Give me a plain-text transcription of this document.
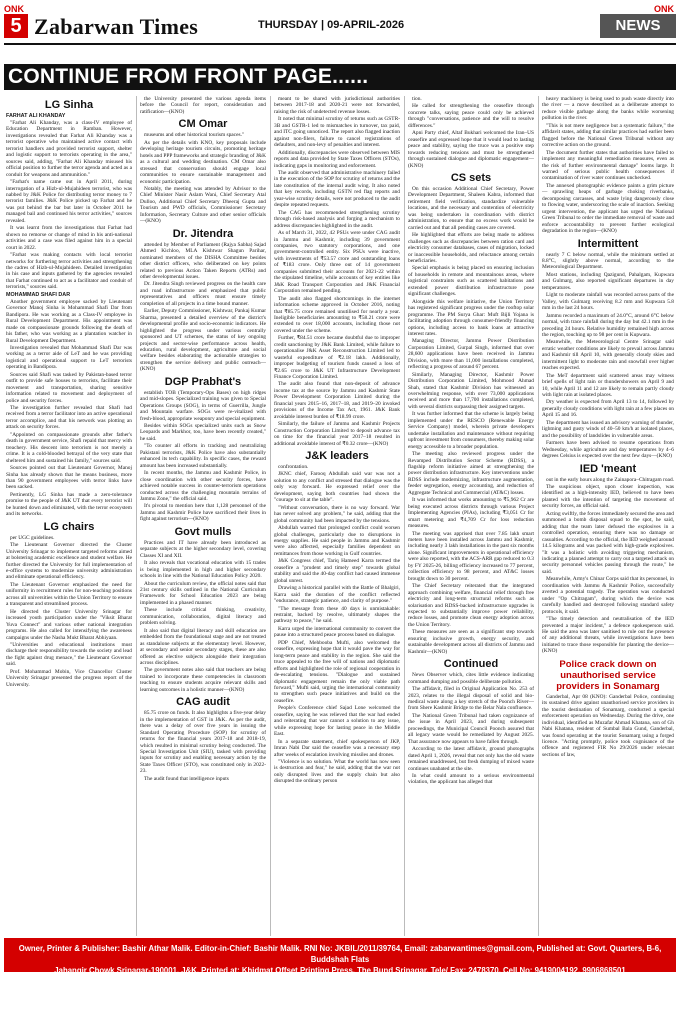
ONK
5 Zabarwan Times	THURSDAY | 09-APRIL-2026
ONK
NEWS
CONTINUE FROM FRONT PAGE......
LG Sinha

FARHAT ALI KHANDAY

"Farhat Ali Khanday, was a class-IV employee of Education Department in Ramban. However, investigations revealed that Farhat Ali Khanday was a terrorist operative who maintained active contact with terrorist handlers and provided terrorist support, shelter and logistic support to terrorists operating in the area," sources said, adding, "Farhat Ali Khanday misused his official position to further the terror agenda and acted as a conduit for weapons and ammunition."

"Farhat's name came out in April 2011, during interrogation of a Hizb-ul-Mujahideen terrorist, who was nabbed by J&K Police for distributing terror money to 7 terrorist families. J&K Police picked up Farhat and he was put behind the bar but later in October 2011 he managed bail and continued his terror activities," sources revealed.

It was learnt from the investigations that Farhat had shown no remorse or change of mind in his anti-national activities and a case was filed against him in a special court in 2022.

"Farhat was making contacts with local terrorist networks for furthering terror activities and strengthening the cadres of Hizb-ul-Mujahideen. Detailed investigation in his case and inputs gathered by the agencies revealed that Farhat continued to act as a facilitator and conduit of terrorists," sources said.

MOHAMMAD SHAFI DAR

Another government employee sacked by Lieutenant Governor Manoj Sinha is Mohammad Shafi Dar from Bandipora. He was working as a Class-IV employee in Rural Development Department. His appointment was made on compassionate grounds following the death of his father, who was working as a plantation watcher in Rural Development Department.

Investigation revealed that Mohammad Shafi Dar was working as a terror aide of LeT and he was providing logistical and operational support to LeT terrorists operating in Bandipora.

Sources said Shafi was tasked by Pakistan-based terror outfit to provide safe houses to terrorists, facilitate their movement and transportation, sharing sensitive information related to movement and deployment of police and security forces.

The investigation further revealed that Shafi had received from a terror facilitator into an active operational terror accomplice, and that his network was plotting an attack on security forces.

"Appointed on compassionate grounds after father's death in government service, Shafi repaid that mercy with treachery. His descent into terrorism is not merely a crime. It is a cold-blooded betrayal of the very state that sheltered him and sustained his family," sources said.

Sources pointed out that Lieutenant Governor, Manoj Sinha has already shown that he means business, more than 90 government employees with terror links have been sacked.

Pertinently, LG Sinha has made a zero-tolerance promise to the people of J&K UT that every terrorist will be hunted down and eliminated, with the terror ecosystem and its networks.

LG chairs

per UGC guidelines.

The Lieutenant Governor directed the Cluster University Srinagar to implement targeted reforms aimed at bolstering academic excellence and student welfare. He further directed the University for full implementation of e-office systems to modernize university administration and eliminate operational efficiency.

The Lieutenant Governor emphasized the need for uniformity in recruitment rules for non-teaching positions across all universities within the Union Territory to ensure a transparent and streamlined process.

He directed the Cluster University Srinagar for increased youth participation under the "Viksit Bharat Yuva Connect" and various other national integration programs. He also called for intensifying the awareness campaigns under the Nasha Mukt Bharat Abhiyaan.

"Universities and educational institutions must discharge their responsibility towards the society and lead the fight against drug menace," the Lieutenant Governor said.

Prof. Mohammad Mobin, Vice Chancellor Cluster University Srinagar presented the progress report of the University.

the University presented the various agenda items before the Council for report, consideration and ratification—(KNO)

CM Omar

museums and other historical tourism spaces."

As per the details with KNO, key proposals include developing heritage tourism circuits, promoting heritage hotels and PPP frameworks and strategic branding of J&K as a cultural and wedding destination. CM Omar also stressed that conservation should engage local communities to ensure sustainable management and economic participation.

Notably, the meeting was attended by Advisor to the Chief Minister Nasir Aslam Wani, Chief Secretary Atal Dulloo, Additional Chief Secretary Dheeraj Gupta and Tourism and PWD officials, Commissioner Secretary Information, Secretary Culture and other senior officials—(KNO)

Dr. Jitendra

attended by Member of Parliament (Rajya Sabha) Sajad Ahmed Kichloo, MLA Kishtwar Shagun Parihar, nominated members of the DISHA Committee besides other district officers, who deliberated on key points related to previous Action Taken Reports (ATRs) and other developmental issues.

Dr. Jitendra Singh reviewed progress on the health care and road infrastructure and emphasized that public representatives and officers must ensure timely completion of all projects in a time bound manner.

Earlier, Deputy Commissioner, Kishtwar, Pankaj Kumar Sharma, presented a detailed overview of the district's developmental profile and socio-economic indicators. He highlighted the progress under various centrally sponsored and UT schemes, the status of key ongoing projects and sector-wise performance across health, education, rural development, agriculture and social welfare besides elaborating the actionable strategies to strengthen the service delivery and public outreach—(KNO)

DGP Prabhat's

establish TOB (Temporary-Ops Bases) on high ridges and mid-slopes. Specialized training was given to Special Operations Groups (SOG), in terms of Guerrilla, Jungle and Mountain warfare. SOGs were re-vitalized with fresh-blood, appropriate weaponry and special equipment.

Besides within SOGs specialized units such as Snow Leopards and Markhor, too, have been recently created," he said.

"To counter all efforts in tracking and neutralizing Pakistani terrorists, J&K Police have also substantially enhanced its tech capability. In specific cases, the reward amount has been increased substantially.

In recent months, the Jammu and Kashmir Police, in close coordination with other security forces, have achieved notable success in counter-terrorism operations conducted across the challenging mountain terrains of Jammu Zone," the official said.

It's pivotal to mention here that 1,128 personnel of the Jammu and Kashmir Police have sacrificed their lives in fight against terrorism—(KNO)

Govt mulls

Practices and IT have already been introduced as separate subjects at the higher secondary level, covering Classes XI and XII.

It also reveals that vocational education with 15 trades is being implemented in high and higher secondary schools in line with the National Education Policy 2020.

About the curriculum review, the official notes said that 21st century skills outlined in the National Curriculum Framework for School Education 2023 are being implemented in a phased manner.

These include critical thinking, creativity, communication, collaboration, digital literacy and problem solving.

It also said that digital literacy and skill education are embedded from the foundational stage and are not treated as standalone subjects at the elementary level. However, at secondary and senior secondary stages, these are also offered as elective subjects alongside their integration across disciplines.

The government notes also said that teachers are being trained to incorporate these competencies in classroom teaching to ensure students acquire relevant skills and learning outcomes in a holistic manner—(KNO)

CAG audit

85.75 crore on funds. It also highlights a five-year delay in the implementation of GST in J&K. As per the audit, there was a delay of over five years in issuing the Standard Operating Procedure (SOP) for scrutiny of returns for the financial years 2017-18 and 2018-19, which resulted in minimal scrutiny being conducted. The Special Investigation Unit (SIU), tasked with providing inputs for scrutiny and enabling necessary action by the State Taxes Officer (STO), was constituted only in 2022-23.

The audit found that intelligence inputs

meant to be shared with jurisdictional authorities between 2017-18 and 2020-21 were not forwarded, raising the risk of undetected revenue losses.

It noted that minimal scrutiny of returns such as GSTR-3B and GSTR-1 led to mismatches in turnover, tax paid, and ITC going unnoticed. The report also flagged inaction against non-filers, failure to cancel registrations of defaulters, and non-levy of penalties and interest.

Additionally, discrepancies were observed between MIS reports and data provided by State Taxes Officers (STOs), indicating gaps in monitoring and enforcement.

The audit observed that administrative machinery failed in the execution of the SOP for scrutiny of returns and the late constitution of the internal audit wing. It also noted that key records, including GSTN red flag reports and year-wise scrutiny details, were not produced to the audit despite repeated requests.

The CAG has recommended strengthening scrutiny through risk-based analysis and forging a mechanism to address discrepancies highlighted in the audit.

As of March 31, 2022, 42 PSUs were under CAG audit in Jammu and Kashmir, including 39 government companies, two statutory corporations, and one government-controlled entity. Six PSUs were inactive, with investments of ₹53.57 crore and outstanding loans of ₹183 crore. Only three out of 14 government companies submitted their accounts for 2021-22 within the stipulated timeline, while accounts of key entities like J&K Road Transport Corporation and J&K Financial Corporation remained pending.

The audit also flagged shortcomings in the internet information scheme approved in October 2016, noting that ₹85.75 crore remained unutilised for nearly a year. Ineligible beneficiaries amounting to ₹58.21 crore were extended to over 18,000 accounts, including those not covered under the scheme.

Further, ₹84.51 crore became doubtful due to improper credit sanctioning by J&K Bank Limited, while failure to operationalise J&K Asset Reconstruction Limited led to wasteful expenditure of ₹2.18 lakh. Additionally, improper budgeting of tourism funds caused a loss of ₹2.65 crore to J&K UT Infrastructure Development Finance Corporation Limited.

The audit also found that non-deposit of advance income tax at the source by Jammu and Kashmir State Power Development Corporation Limited during the financial years 2015–16, 2017–18, and 2019–20 invoked provisions of the Income Tax Act, 1961. J&K Bank avoidable interest burden of ₹18.99 crore.

Similarly, the failure of Jammu and Kashmir Projects Construction Corporation Limited to deposit advance tax on time for the financial year 2017–18 resulted in additional avoidable interest of ₹0.32 crore—(KNO)

J&K leaders

confrontation.

JKNC chief, Farooq Abdullah said war was not a solution to any conflict and stressed that dialogue was the only way forward. He expressed relief over the development, saying both countries had shown the "courage to sit at the table".

"Without conversation, there is no way forward. War has never solved any problem," he said, adding that the global community had been impacted by the tensions.

Abdullah warned that prolonged conflict could worsen global challenges, particularly due to disruptions in energy supplies. He said people in Jammu and Kashmir were also affected, especially families dependent on remittances from those working in Gulf countries.

J&K Congress chief, Tariq Hameed Karra termed the ceasefire a "prudent and timely step" towards global stability and said the 40-day conflict had caused immense global unrest.

Drawing a historical parallel with the Battle of Bhalgiri, Karra said the duration of the conflict reflected "endurance, strategic patience, and clarity of purpose."

"The message from these 40 days is unmistakable: restraint, backed by resolve, ultimately shapes the pathway to peace," he said.

Karra urged the international community to convert the pause into a structured peace process based on dialogue.

PDP Chief, Mehbooba Mufti, also welcomed the ceasefire, expressing hope that it would pave the way for long-term peace and stability in the region. She said the truce appealed to the free will of nations and diplomatic efforts and highlighted the role of regional cooperation in de-escalating tensions. "Dialogue and sustained diplomatic engagement remain the only viable path forward," Mufti said, urging the international community to strengthen such peace initiatives and build on the ceasefire.

People's Conference chief Sajad Lone welcomed the ceasefire, saying he was relieved that the war had ended and reiterating that war cannot a solution to any issue, while expressing hope for lasting peace in the Middle East.

In a separate statement, chief spokesperson of JKP, Imran Nabi Dar said the ceasefire was a necessary step after weeks of escalation involving missiles and drones.

"Violence is no solution. What the world has now seen is destruction and fear," he said, adding that the war not only disrupted lives and the supply chain but also disrupted the ordinary person

tion.

He called for strengthening the ceasefire through concrete talks, saying peace could only be achieved through "conversations, patience and the will to resolve differences."

Apni Party chief, Altaf Bukhari welcomed the Iran–US ceasefire and expressed hope that it would lead to lasting peace and stability, saying the truce was a positive step towards reducing tensions and must be strengthened through sustained dialogue and diplomatic engagement—(KNO)

CS sets

On this occasion Additional Chief Secretary, Power Development Department, Shaleen Kabra, informed that retirement field verification, standardize vulnerable locations, and the necessary and contention of electricity was being undertaken in coordination with district administration, to ensure that no excess work would be carried out and that all pending cases are covered.

He highlighted that efforts are being made to address challenges such as discrepancies between ration card and electricity consumer databases, cases of migration, locked or inaccessible households, and reluctance among certain beneficiaries.

Special emphasis is being placed on ensuring inclusion of households in remote and mountainous areas, where logistical constraints such as scattered habitations and extended power distribution infrastructure pose significant challenges.

Alongside this welfare initiative, the Union Territory has registered significant progress under the rooftop solar programme. The PM Surya Ghar: Muft Bijli Yojana is facilitating adoption through consumer-friendly financing options, including access to bank loans at attractive interest rates.

Managing Director, Jammu Power Distribution Corporation Limited, Gurpal Singh, informed that over 28,600 applications have been received in Jammu Division, with more than 11,000 installations completed, reflecting a progress of around 67 percent.

Similarly, Managing Director, Kashmir Power Distribution Corporation Limited, Mohmood Ahmad Shah, stated that Kashmir Division has witnessed an overwhelming response, with over 73,000 applications received and more than 17,700 installations completed, with several districts surpassing their assigned targets.

It was further informed that the scheme is largely being implemented under the RESCO (Renewable Energy Service Company) model, wherein private developers undertake installation and maintenance without requiring upfront investment from consumers, thereby making solar energy accessible to a broader population.

The meeting also reviewed progress under the Revamped Distribution Sector Scheme (RDSS), a flagship reform initiative aimed at strengthening the power distribution infrastructure. Key interventions under RDSS include modernizing, infrastructure augmentation, feeder segregation, energy accounting, and reduction of Aggregate Technical and Commercial (AT&C) losses.

It was informed that works amounting to ₹5,962 Cr are being executed across districts through various Project Implementing Agencies (PIAs), including ₹3,051 Cr for smart metering and ₹4,709 Cr for loss reduction measures.

The meeting was apprised that over 7.85 lakh smart meters have been installed across Jammu and Kashmir, including nearly 3 lakh installations in the past six months alone. Significant improvements in operational efficiency were also reported, with the ACS-ARR gap reduced to 0.3 by FY 2025-26, billing efficiency increased to 77 percent, collection efficiency to 98 percent, and AT&C losses brought down to 30 percent.

The Chief Secretary reiterated that the integrated approach combining welfare, financial relief through free electricity and long-term structural reforms such as solarisation and RDSS-backed infrastructure upgrades is expected to substantially improve power reliability, reduce losses, and promote clean energy adoption across the Union Territory.

These measures are seen as a significant step towards ensuring inclusive growth, energy security, and sustainable development across all districts of Jammu and Kashmir—(KNO)

Continued

News Observer which, cites little evidence indicating command dumping and possible deliberate pollution.

The affidavit, filed in Original Application No. 253 of 2023, relates to the illegal disposal of solid and bio-medical waste along a key stretch of the Poonch River—from Shere Kashmir Bridge to the Belar Nala confluence.

The National Green Tribunal had taken cognizance of the issue in April 2023, and during subsequent proceedings, the Municipal Council Poonch assured that all legacy waste would be remediated by August 2025. That assurance now appears to have fallen through.

According to the latest affidavit, ground photographs dated April 1, 2026, reveal that not only has the old waste remained unaddressed, but fresh dumping of mixed waste continues unabated at the site.

In what could amount to a serious environmental violation, the applicant has alleged that

heavy machinery is being used to push waste directly into the river — a move described as a deliberate attempt to reduce visible garbage along the banks while worsening pollution in the river.

"This is not mere negligence but a systematic failure," the affidavit states, adding that similar practices had earlier been flagged before the National Green Tribunal without any corrective action on the ground.

The document further states that authorities have failed to implement any meaningful remediation measures, even as the risk of further environmental damage" looms large. It warned of serious public health consequences if contamination of river water continues unchecked.

The annexed photographic evidence paints a grim picture — sprawling heaps of garbage choking riverbanks, decomposing carcasses, and waste lying dangerously close to flowing water, underscoring the scale of inaction. Seeking urgent intervention, the applicant has urged the National Green Tribunal to order the immediate removal of waste and enforce accountability to prevent further ecological degradation in the region—(KNO)

Intermittent

nearly 7 C below normal, while the minimum settled at 8.8°C, slightly above normal, according to the Meteorological Department.

Most stations, including Qazigund, Pahalgam, Kupwara and Gulmarg, also reported significant departures in day temperatures.

Light to moderate rainfall was recorded across parts of the Valley, with Gulmarg receiving 8.2 mm and Kupwara 5.8 mm in the last 24 hours.

Jammu recorded a maximum of 24.0°C, around 6°C below normal, with trace rainfall during the day but 42.1 mm in the preceding 24 hours. Relative humidity remained high across the region, touching up to 98 per cent in Kupwara.

Meanwhile, the Meteorological Centre Srinagar said erratic weather conditions are likely to prevail across Jammu and Kashmir till April 10, with generally cloudy skies and intermittent light to moderate rain and snowfall over higher reaches expected.

The MeT department said scattered areas may witness brief spells of light rain or thundershowers on April 9 and 10, while April 11 and 12 are likely to remain partly cloudy with light rain at isolated places.

Dry weather is expected from April 13 to 14, followed by generally cloudy conditions with light rain at a few places on April 15 and 16.

The department has issued an advisory warning of thunder, lightning and gusty winds of 40–50 km/h at isolated places, and the possibility of landslides in vulnerable areas.

Farmers have been advised to resume operations from Wednesday, while agriculture and day temperatures by 4–6 degrees Celsius is expected over the next few days—(KNO)

IED 'meant

out in the early hours along the Zainapora–Chitragam road.

The suspicious object, upon closer inspection, was identified as a high-intensity IED, believed to have been planted with the intention of targeting the movement of security forces, an official said.

Acting swiftly, the forces immediately secured the area and summoned a bomb disposal squad to the spot, he said, adding that the team later defused the explosives in a controlled operation, ensuring there was no damage or casualties. According to the official, the IED weighed around 14.5 kilograms and was packed with high-grade explosives. "It was a holistic with avoiding triggering mechanism, indicating a planned attempt to carry out a targeted attack on security personnel vehicles passing through the route," he said.

Meanwhile, Army's Chinar Corps said that its personnel, in coordination with Jammu & Kashmir Police, successfully averted a potential tragedy. The operation was conducted under "Op Chitragam", during which the device was carefully handled and destroyed following standard safety protocols, it said.

"The timely detection and neutralisation of the IED prevented a major incident," a defence spokesperson said. He said the area was later sanitised to rule out the presence of any additional threats, while investigations have been initiated to trace those responsible for planting the device—(KNO)

Police crack down on unauthorised service providers in Sonamarg

Ganderbal, Apr 08 (KNO): Ganderbal Police, continuing its sustained drive against unauthorised service providers in the tourist destination of Sonamarg, conducted a special enforcement operation on Wednesday. During the drive, one individual, identified as Muzafar Ahmad Khatana, son of Gh Nabi Khatana, resident of Sumbal Bala Gund, Ganderbal, was found operating at the tourist Sonamarg using a forged licence. "Acting promptly, police took cognisance of the offence and registered FIR No 29/2026 under relevant sections of law,

Owner, Printer & Publisher: Bashir Athar Malik. Editor-in-Chief: Bashir Malik. RNI No: JKBIL/2011/39764, Email: zabarwantimes@gmail.com, Published at: Govt. Quarters, B-6, Buddshah Flats
Jahangir Chowk Srinagar-190001. J&K. Printed at: Khidmat Offset Printing Press, The Bund Srinagar, Tele/ Fax: 2478370, Cell No: 9419004192, 9906868501
